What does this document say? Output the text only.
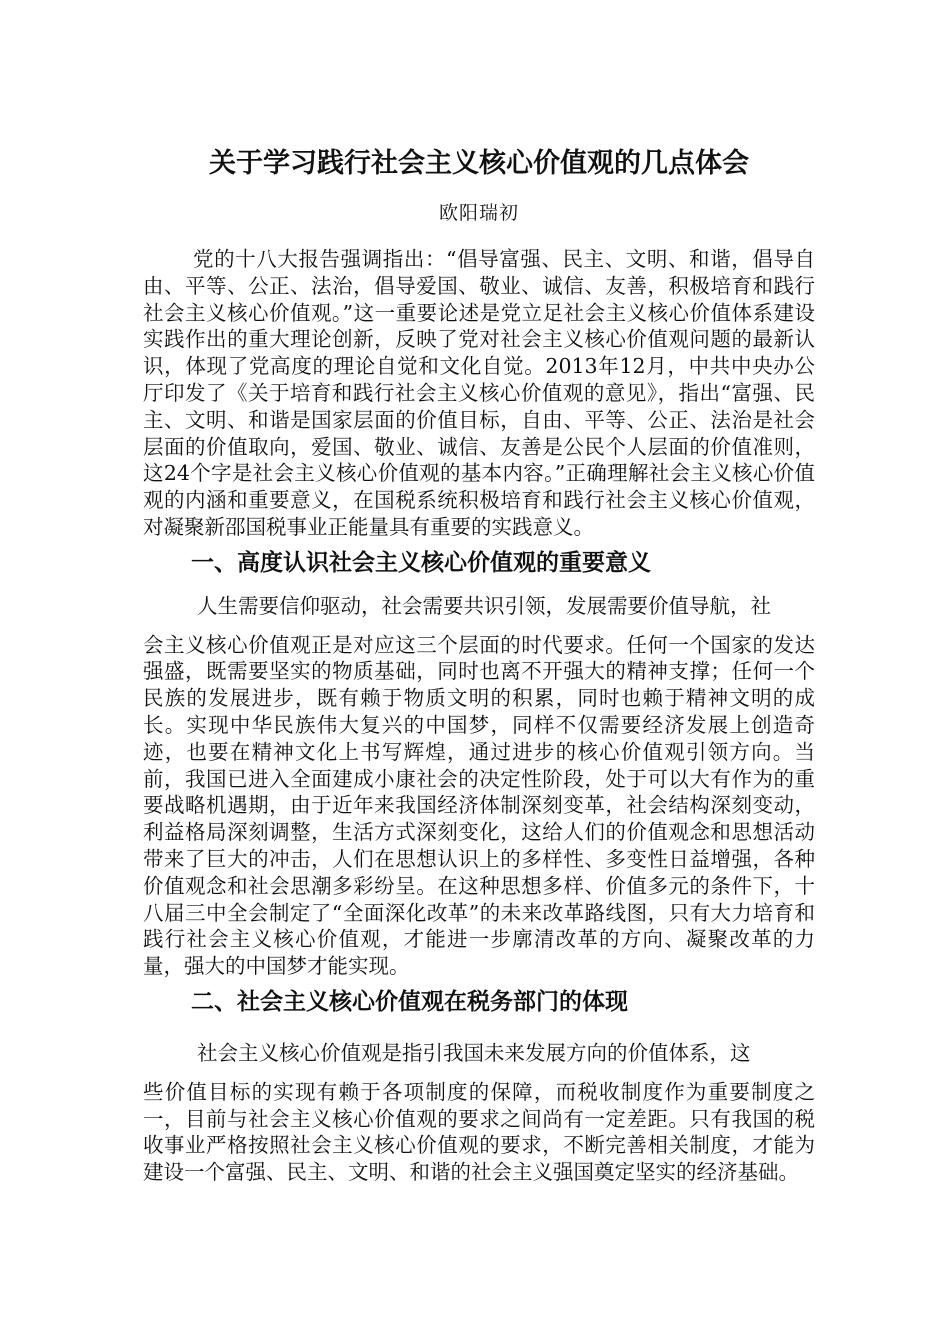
关于学习践行社会主义核心价值观的几点体会
欧阳瑞初

党的十八大报告强调指出：“倡导富强、民主、文明、和谐，倡导自由、平等、公正、法治，倡导爱国、敬业、诚信、友善，积极培育和践行社会主义核心价值观。”这一重要论述是党立足社会主义核心价值体系建设实践作出的重大理论创新，反映了党对社会主义核心价值观问题的最新认识，体现了党高度的理论自觉和文化自觉。2013年12月，中共中央办公厅印发了《关于培育和践行社会主义核心价值观的意见》，指出“富强、民主、文明、和谐是国家层面的价值目标，自由、平等、公正、法治是社会层面的价值取向，爱国、敬业、诚信、友善是公民个人层面的价值准则，这24个字是社会主义核心价值观的基本内容。”正确理解社会主义核心价值观的内涵和重要意义，在国税系统积极培育和践行社会主义核心价值观，对凝聚新邵国税事业正能量具有重要的实践意义。

一、高度认识社会主义核心价值观的重要意义

人生需要信仰驱动，社会需要共识引领，发展需要价值导航，社

会主义核心价值观正是对应这三个层面的时代要求。任何一个国家的发达强盛，既需要坚实的物质基础，同时也离不开强大的精神支撑；任何一个民族的发展进步，既有赖于物质文明的积累，同时也赖于精神文明的成长。实现中华民族伟大复兴的中国梦，同样不仅需要经济发展上创造奇迹，也要在精神文化上书写辉煌，通过进步的核心价值观引领方向。当前，我国已进入全面建成小康社会的决定性阶段，处于可以大有作为的重要战略机遇期，由于近年来我国经济体制深刻变革，社会结构深刻变动，利益格局深刻调整，生活方式深刻变化，这给人们的价值观念和思想活动带来了巨大的冲击，人们在思想认识上的多样性、多变性日益增强，各种价值观念和社会思潮多彩纷呈。在这种思想多样、价值多元的条件下，十八届三中全会制定了“全面深化改革”的未来改革路线图，只有大力培育和践行社会主义核心价值观，才能进一步廓清改革的方向、凝聚改革的力量，强大的中国梦才能实现。

二、社会主义核心价值观在税务部门的体现

社会主义核心价值观是指引我国未来发展方向的价值体系，这

些价值目标的实现有赖于各项制度的保障，而税收制度作为重要制度之一，目前与社会主义核心价值观的要求之间尚有一定差距。只有我国的税收事业严格按照社会主义核心价值观的要求，不断完善相关制度，才能为建设一个富强、民主、文明、和谐的社会主义强国奠定坚实的经济基础。
